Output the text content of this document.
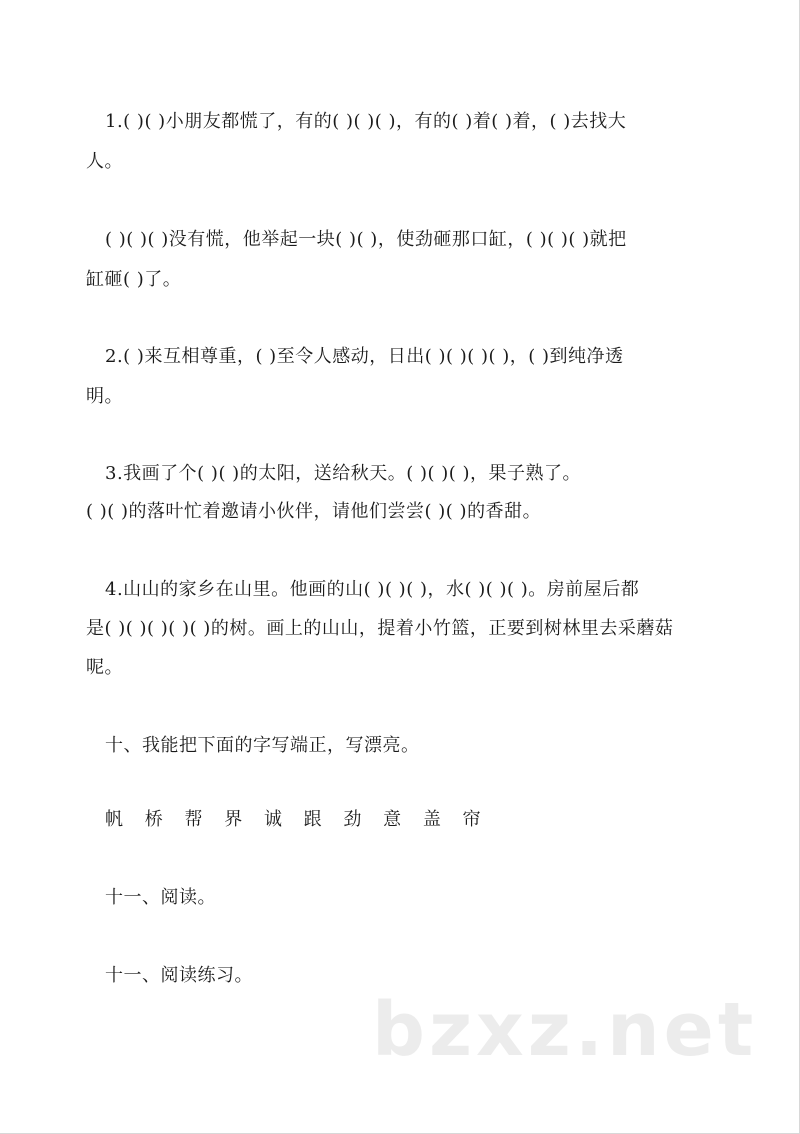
1.( )( )小朋友都慌了，有的( )( )( )，有的( )着( )着，( )去找大
人。
( )( )( )没有慌，他举起一块( )( )，使劲砸那口缸，( )( )( )就把
缸砸( )了。
2.( )来互相尊重，( )至令人感动，日出( )( )( )( )，( )到纯净透
明。
3.我画了个( )( )的太阳，送给秋天。( )( )( )，果子熟了。
( )( )的落叶忙着邀请小伙伴，请他们尝尝( )( )的香甜。
4.山山的家乡在山里。他画的山( )( )( )，水( )( )( )。房前屋后都
是( )( )( )( )( )的树。画上的山山，提着小竹篮，正要到树林里去采蘑菇
呢。
十、我能把下面的字写端正，写漂亮。
帆 桥 帮 界 诚 跟 劲 意 盖 帘
十一、阅读。
十一、阅读练习。
bzxz.net
